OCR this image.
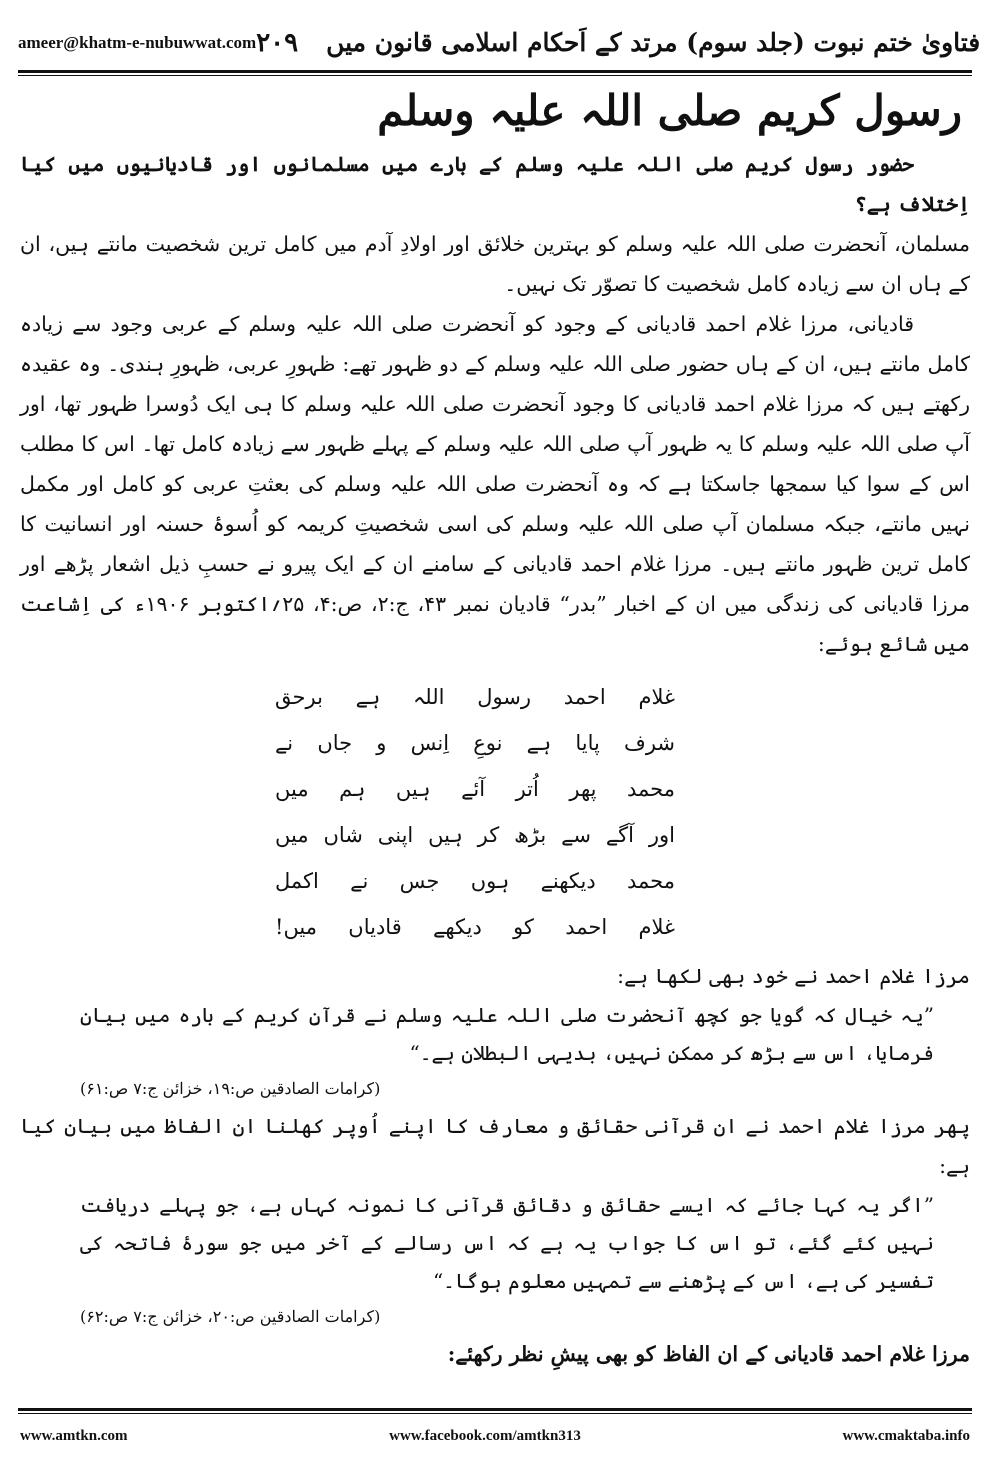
ameer@khatm-e-nubuwwat.com	فتاویٰ ختم نبوت (جلد سوم) مرتد کے اَحکام اسلامی قانون میں
۲۰۹
رسول کریم صلی اللہ علیہ وسلم

حضور رسول کریم صلی اللہ علیہ وسلم کے بارے میں مسلمانوں اور قادیانیوں میں کیا اِختلاف ہے؟

مسلمان، آنحضرت صلی اللہ علیہ وسلم کو بہترین خلائق اور اولادِ آدم میں کامل ترین شخصیت مانتے ہیں، ان کے ہاں ان سے زیادہ کامل شخصیت کا تصوّر تک نہیں۔

قادیانی، مرزا غلام احمد قادیانی کے وجود کو آنحضرت صلی اللہ علیہ وسلم کے عربی وجود سے زیادہ کامل مانتے ہیں، ان کے ہاں حضور صلی اللہ علیہ وسلم کے دو ظہور تھے: ظہورِ عربی، ظہورِ ہندی۔ وہ عقیدہ رکھتے ہیں کہ مرزا غلام احمد قادیانی کا وجود آنحضرت صلی اللہ علیہ وسلم کا ہی ایک دُوسرا ظہور تھا، اور آپ صلی اللہ علیہ وسلم کا یہ ظہور آپ صلی اللہ علیہ وسلم کے پہلے ظہور سے زیادہ کامل تھا۔ اس کا مطلب اس کے سوا کیا سمجھا جاسکتا ہے کہ وہ آنحضرت صلی اللہ علیہ وسلم کی بعثتِ عربی کو کامل اور مکمل نہیں مانتے، جبکہ مسلمان آپ صلی اللہ علیہ وسلم کی اسی شخصیتِ کریمہ کو اُسوۂ حسنہ اور انسانیت کا کامل ترین ظہور مانتے ہیں۔ مرزا غلام احمد قادیانی کے سامنے ان کے ایک پیرو نے حسبِ ذیل اشعار پڑھے اور مرزا قادیانی کی زندگی میں ان کے اخبار ”بدر“ قادیان نمبر ۴۳، ج:۲، ص:۴، ۲۵؍اکتوبر ۱۹۰۶ء کی اِشاعت میں شائع ہوئے:

غلام احمد رسول اللہ ہے برحق
شرف پایا ہے نوعِ اِنس و جاں نے
محمد پھر اُتر آئے ہیں ہم میں
اور آگے سے بڑھ کر ہیں اپنی شاں میں
محمد دیکھنے ہوں جس نے اکمل
غلام احمد کو دیکھے قادیاں میں!

مرزا غلام احمد نے خود بھی لکھا ہے:

”یہ خیال کہ گویا جو کچھ آنحضرت صلی اللہ علیہ وسلم نے قرآنِ کریم کے بارہ میں بیان فرمایا، اس سے بڑھ کر ممکن نہیں، بدیہی البطلان ہے۔“

(کرامات الصادقین ص:۱۹، خزائن ج:۷ ص:۶۱)

پھر مرزا غلام احمد نے ان قرآنی حقائق و معارف کا اپنے اُوپر کھلنا ان الفاظ میں بیان کیا ہے:

”اگر یہ کہا جائے کہ ایسے حقائق و دقائق قرآنی کا نمونہ کہاں ہے، جو پہلے دریافت نہیں کئے گئے، تو اس کا جواب یہ ہے کہ اس رسالے کے آخر میں جو سورۂ فاتحہ کی تفسیر کی ہے، اس کے پڑھنے سے تمہیں معلوم ہوگا۔“

(کرامات الصادقین ص:۲۰، خزائن ج:۷ ص:۶۲)

مرزا غلام احمد قادیانی کے ان الفاظ کو بھی پیشِ نظر رکھئے:

www.amtkn.com	www.facebook.com/amtkn313	www.cmaktaba.info
